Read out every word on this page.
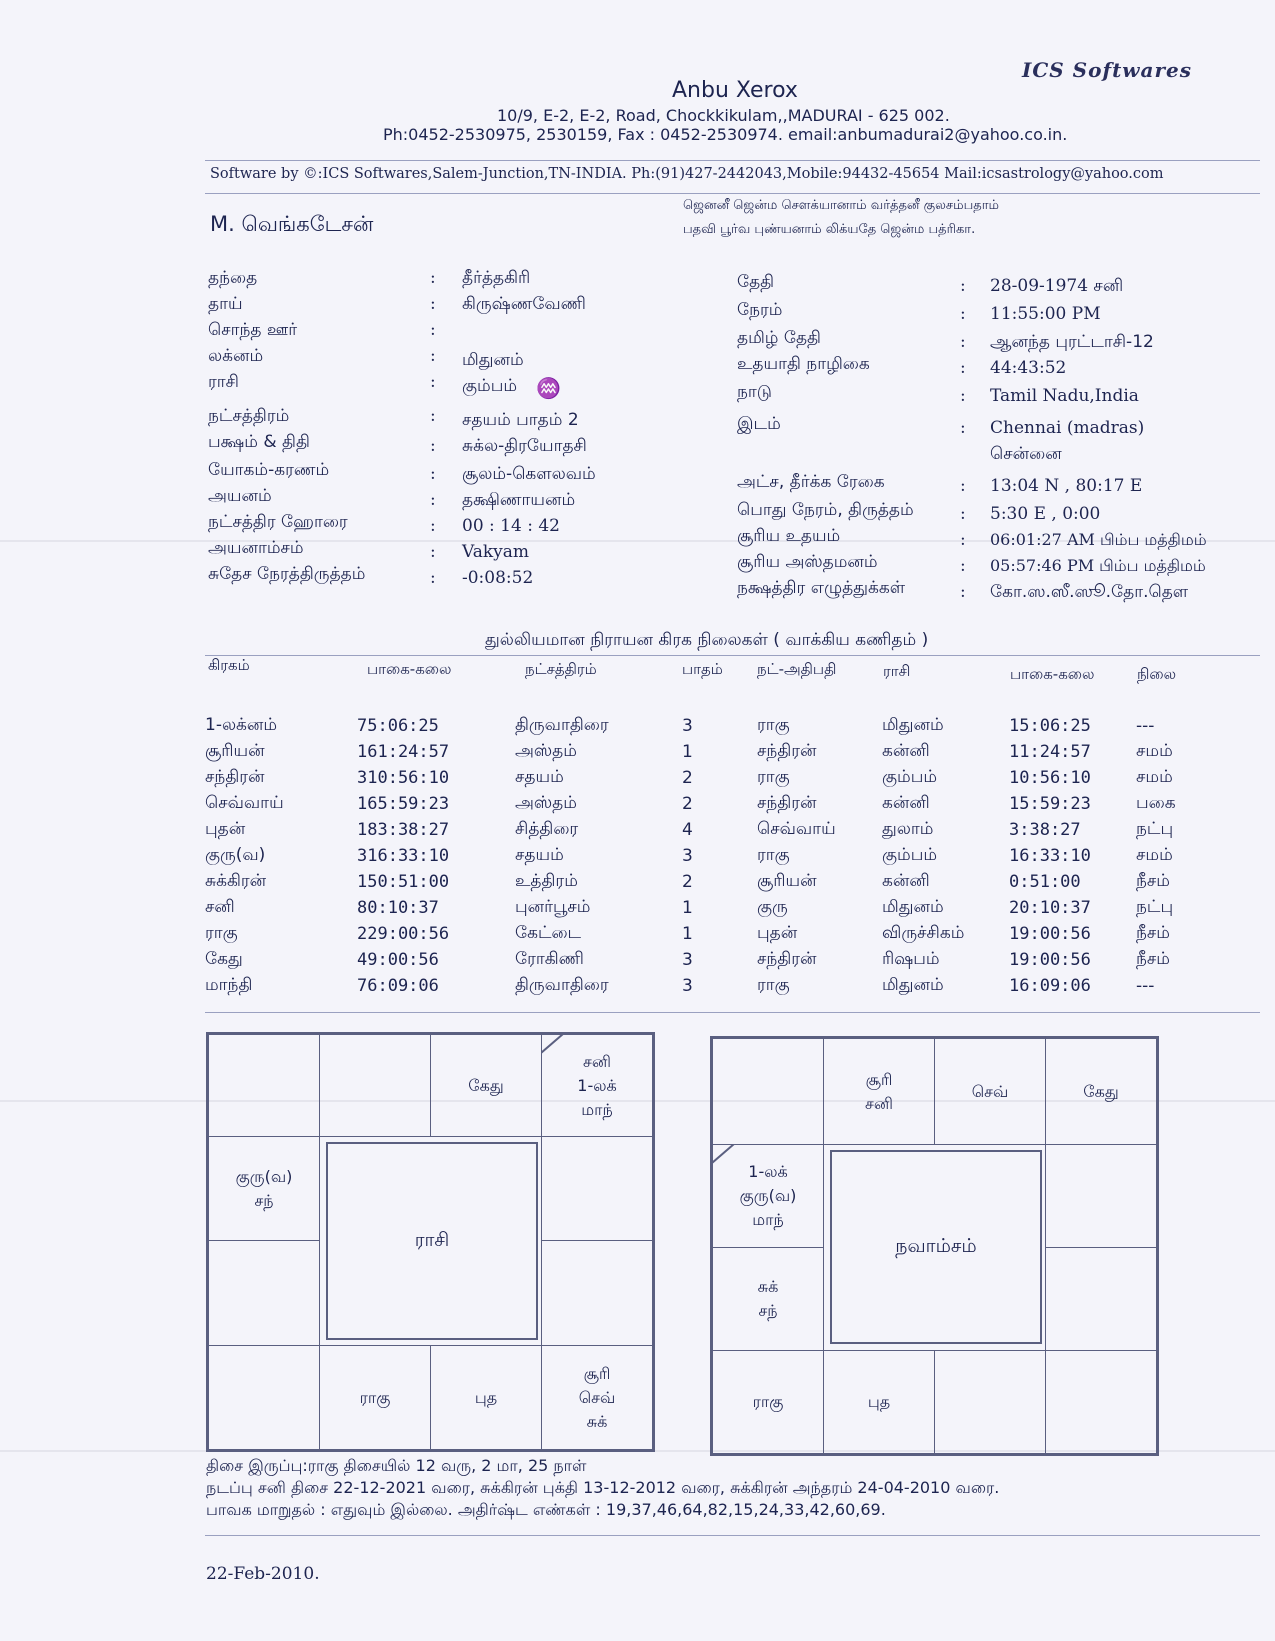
ICS Softwares
Anbu Xerox
10/9, E-2, E-2, Road, Chockkikulam,,MADURAI - 625 002.
Ph:0452-2530975, 2530159, Fax : 0452-2530974. email:anbumadurai2@yahoo.co.in.
Software by ©:ICS Softwares,Salem-Junction,TN-INDIA. Ph:(91)427-2442043,Mobile:94432-45654 Mail:icsastrology@yahoo.com
M. வெங்கடேசன்
ஜெனனீ ஜென்ம சௌக்யானாம் வர்த்தனீ குலசம்பதாம்
பதவி பூர்வ புண்யனாம் லிக்யதே ஜென்ம பத்ரிகா.
தந்தை	: தீர்த்தகிரி
தாய்	: கிருஷ்ணவேணி
சொந்த ஊர்	:
லக்னம்	: மிதுனம்
ராசி	: கும்பம் ♒
நட்சத்திரம்	: சதயம் பாதம் 2
பக்ஷம் & திதி	: சுக்ல-திரயோதசி
யோகம்-கரணம்	: சூலம்-கௌலவம்
அயனம்	: தக்ஷிணாயனம்
நட்சத்திர ஹோரை	: 00 : 14 : 42
அயனாம்சம்	: Vakyam
சுதேச நேரத்திருத்தம்	: -0:08:52
தேதி	: 28-09-1974 சனி
நேரம்	: 11:55:00 PM
தமிழ் தேதி	: ஆனந்த புரட்டாசி-12
உதயாதி நாழிகை	: 44:43:52
நாடு	: Tamil Nadu,India
இடம்	: Chennai (madras)
சென்னை
அட்ச, தீர்க்க ரேகை	: 13:04 N , 80:17 E
பொது நேரம், திருத்தம்	: 5:30 E , 0:00
சூரிய உதயம்	: 06:01:27 AM பிம்ப மத்திமம்
சூரிய அஸ்தமனம்	: 05:57:46 PM பிம்ப மத்திமம்
நக்ஷத்திர எழுத்துக்கள்	: கோ.ஸ.ஸீ.ஸூ.தோ.தெள
துல்லியமான நிராயன கிரக நிலைகள் ( வாக்கிய கணிதம் )
கிரகம்	பாகை-கலை	நட்சத்திரம்	பாதம் நட்-அதிபதி	ராசி	பாகை-கலை	நிலை
1-லக்னம்	75:06:25	திருவாதிரை	3	ராகு	மிதுனம்	15:06:25	---
சூரியன்	161:24:57	அஸ்தம்	1	சந்திரன்	கன்னி	11:24:57	சமம்
சந்திரன்	310:56:10	சதயம்	2	ராகு	கும்பம்	10:56:10	சமம்
செவ்வாய்	165:59:23	அஸ்தம்	2	சந்திரன்	கன்னி	15:59:23	பகை
புதன்	183:38:27	சித்திரை	4	செவ்வாய்	துலாம்	3:38:27	நட்பு
குரு(வ)	316:33:10	சதயம்	3	ராகு	கும்பம்	16:33:10	சமம்
சுக்கிரன்	150:51:00	உத்திரம்	2	சூரியன்	கன்னி	0:51:00	நீசம்
சனி	80:10:37	புனர்பூசம்	1	குரு	மிதுனம்	20:10:37	நட்பு
ராகு	229:00:56	கேட்டை	1	புதன்	விருச்சிகம்	19:00:56	நீசம்
கேது	49:00:56	ரோகிணி	3	சந்திரன்	ரிஷபம்	19:00:56	நீசம்
மாந்தி	76:09:06	திருவாதிரை	3	ராகு	மிதுனம்	16:09:06	---
கேது
சனி
1-லக்
மாந்
குரு(வ)
சந்
ராகு	புத
சூரி
செவ்
சுக்
ராசி
சூரி
சனி
செவ்	கேது
1-லக்
குரு(வ)
மாந்
சுக்
சந்
ராகு	புத
நவாம்சம்
திசை இருப்பு:ராகு திசையில் 12 வரு, 2 மா, 25 நாள்
நடப்பு சனி திசை 22-12-2021 வரை, சுக்கிரன் புக்தி 13-12-2012 வரை, சுக்கிரன் அந்தரம் 24-04-2010 வரை.
பாவக மாறுதல் : எதுவும் இல்லை. அதிர்ஷ்ட எண்கள் : 19,37,46,64,82,15,24,33,42,60,69.
22-Feb-2010.
